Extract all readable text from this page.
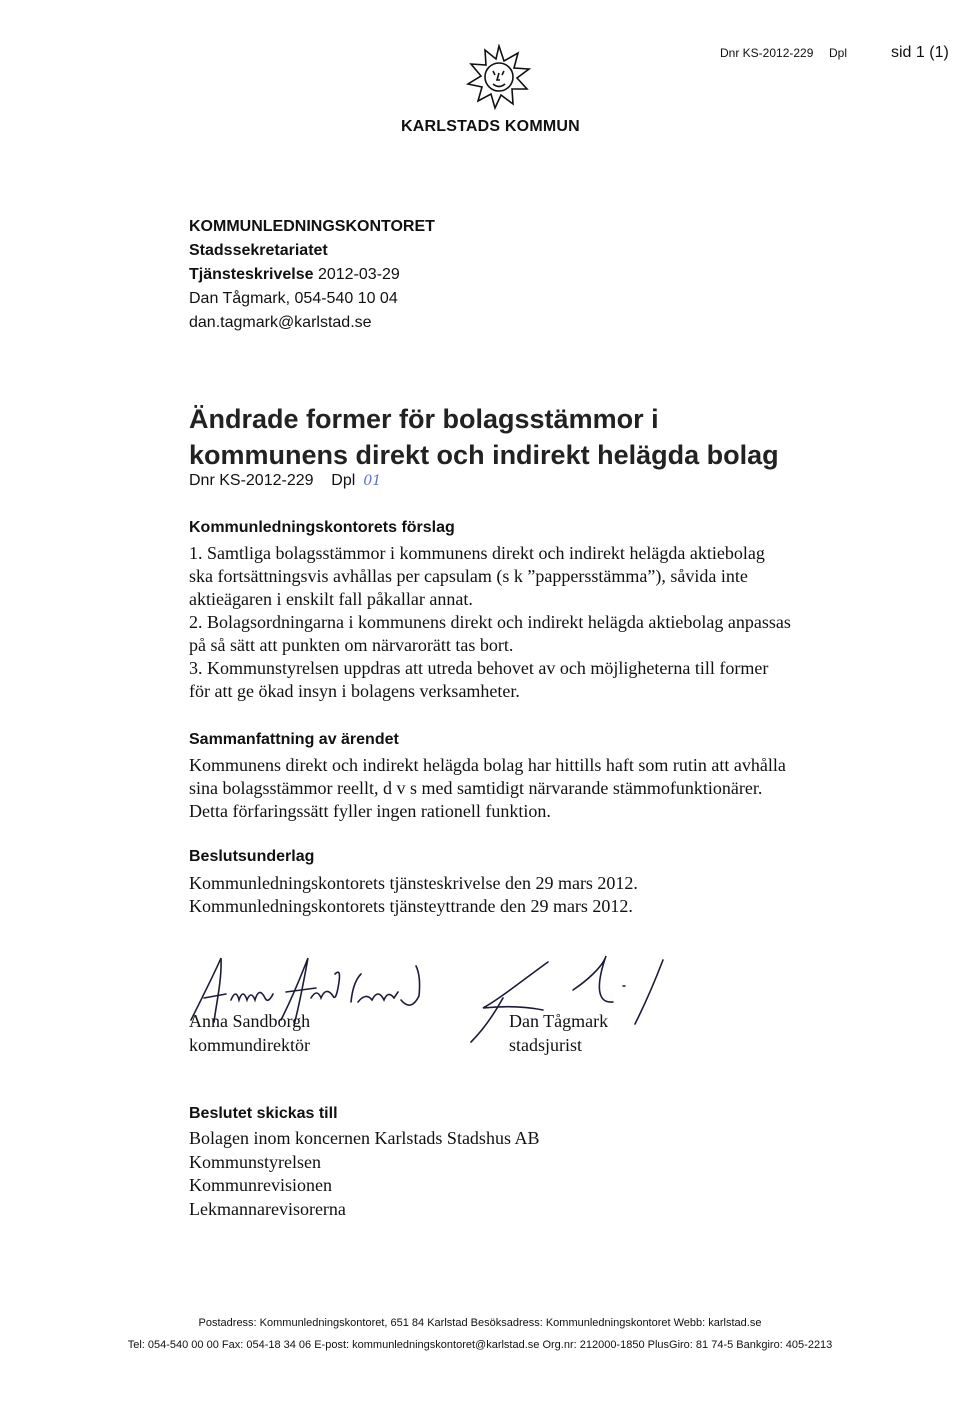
Dnr KS-2012-229 Dpl	sid 1 (1)
KARLSTADS KOMMUN
KOMMUNLEDNINGSKONTORET
Stadssekretariatet
Tjänsteskrivelse 2012-03-29
Dan Tågmark, 054-540 10 04
dan.tagmark@karlstad.se
Ändrade former för bolagsstämmor i
kommunens direkt och indirekt helägda bolag
Dnr KS-2012-229 Dpl 01
Kommunledningskontorets förslag
1. Samtliga bolagsstämmor i kommunens direkt och indirekt helägda aktiebolag
ska fortsättningsvis avhållas per capsulam (s k ”pappersstämma”), såvida inte
aktieägaren i enskilt fall påkallar annat.
2. Bolagsordningarna i kommunens direkt och indirekt helägda aktiebolag anpassas
på så sätt att punkten om närvarorätt tas bort.
3. Kommunstyrelsen uppdras att utreda behovet av och möjligheterna till former
för att ge ökad insyn i bolagens verksamheter.
Sammanfattning av ärendet
Kommunens direkt och indirekt helägda bolag har hittills haft som rutin att avhålla
sina bolagsstämmor reellt, d v s med samtidigt närvarande stämmofunktionärer.
Detta förfaringssätt fyller ingen rationell funktion.
Beslutsunderlag
Kommunledningskontorets tjänsteskrivelse den 29 mars 2012.
Kommunledningskontorets tjänsteyttrande den 29 mars 2012.
Anna Sandborgh
kommundirektör
Dan Tågmark
stadsjurist
Beslutet skickas till
Bolagen inom koncernen Karlstads Stadshus AB
Kommunstyrelsen
Kommunrevisionen
Lekmannarevisorerna
Postadress: Kommunledningskontoret, 651 84 Karlstad Besöksadress: Kommunledningskontoret Webb: karlstad.se
Tel: 054-540 00 00 Fax: 054-18 34 06 E-post: kommunledningskontoret@karlstad.se Org.nr: 212000-1850 PlusGiro: 81 74-5 Bankgiro: 405-2213
